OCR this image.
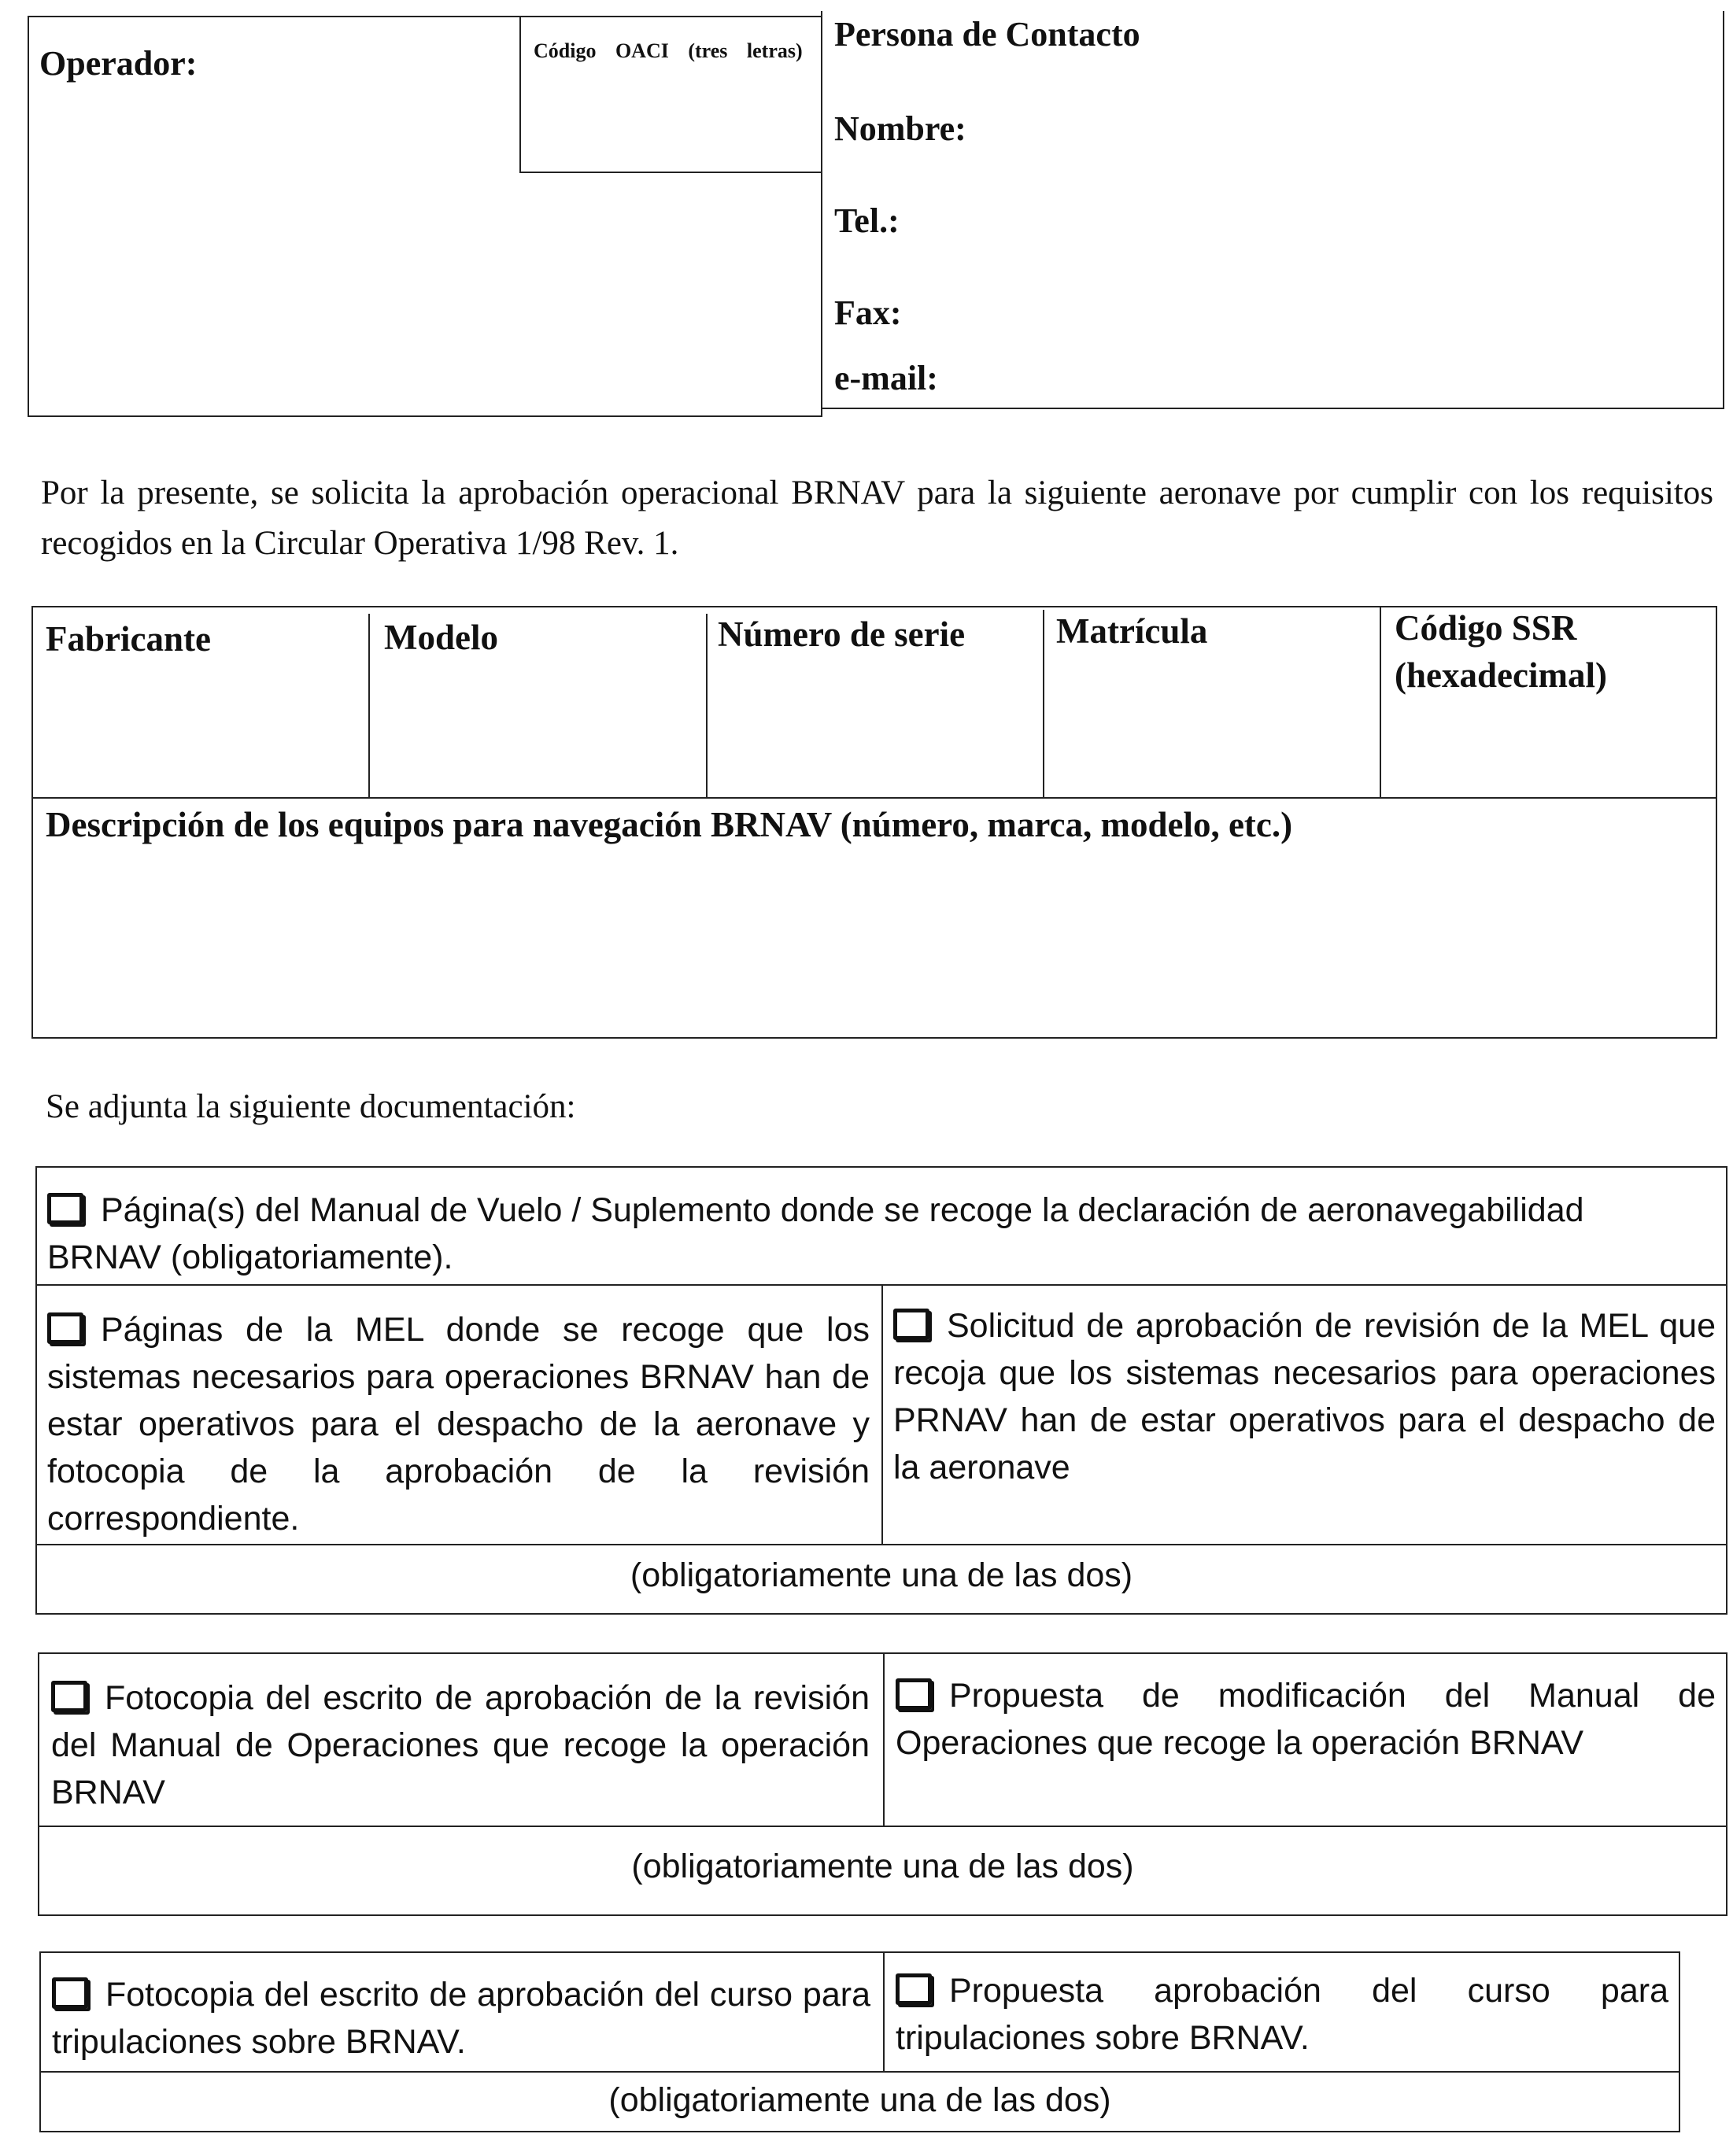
Operador:	Código OACI (tres letras) Persona de Contacto
Nombre:
Tel.:
Fax:
e-mail:
Por la presente, se solicita la aprobación operacional BRNAV para la siguiente aeronave por cumplir con los requisitos recogidos en la Circular Operativa 1/98 Rev. 1.
Fabricante	Modelo	Número de serie	Matrícula	Código SSR (hexadecimal)
Descripción de los equipos para navegación BRNAV (número, marca, modelo, etc.)
Se adjunta la siguiente documentación:
Página(s) del Manual de Vuelo / Suplemento donde se recoge la declaración de aeronavegabilidad BRNAV (obligatoriamente).
Páginas de la MEL donde se recoge que los sistemas necesarios para operaciones BRNAV han de estar operativos para el despacho de la aeronave y fotocopia de la aprobación de la revisión correspondiente.
Solicitud de aprobación de revisión de la MEL que recoja que los sistemas necesarios para operaciones PRNAV han de estar operativos para el despacho de la aeronave
(obligatoriamente una de las dos)
Fotocopia del escrito de aprobación de la revisión del Manual de Operaciones que recoge la operación BRNAV
Propuesta de modificación del Manual de Operaciones que recoge la operación BRNAV
(obligatoriamente una de las dos)
Fotocopia del escrito de aprobación del curso para tripulaciones sobre BRNAV.
Propuesta aprobación del curso para tripulaciones sobre BRNAV.
(obligatoriamente una de las dos)
